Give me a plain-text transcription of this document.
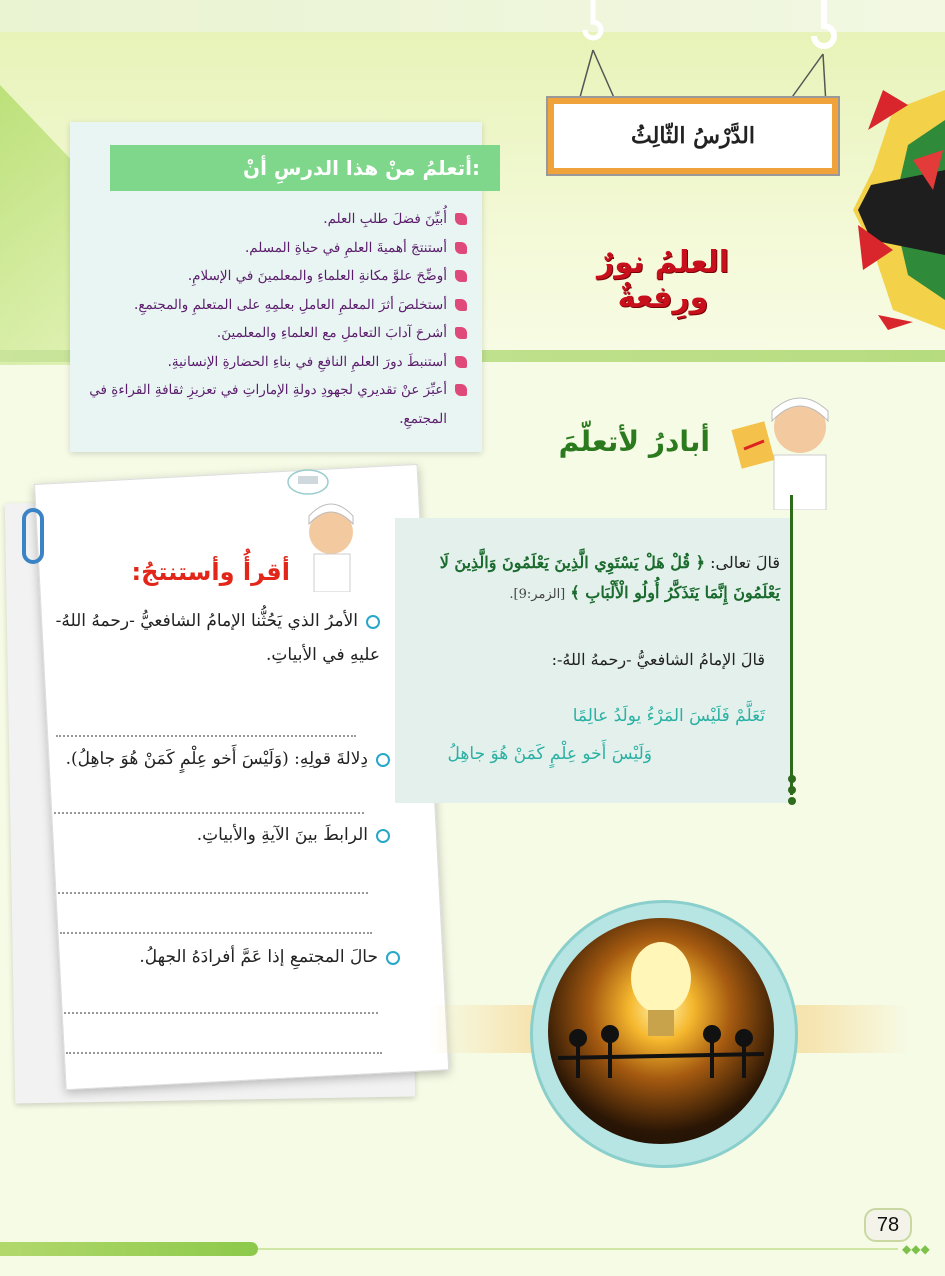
الدَّرْسُ الثّالِثُ
العلمُ نورٌ ورِفعةٌ
أتعلمُ منْ هذا الدرسِ أنْ:
أُبيِّنَ فضلَ طلبِ العلم.
أستنتجَ أهميةَ العلمِ في حياةِ المسلم.
أوضِّحَ علوَّ مكانةِ العلماءِ والمعلمينَ في الإسلامِ.
أستخلصَ أثرَ المعلمِ العاملِ بعلمِهِ على المتعلمِ والمجتمعِ.
أشرحَ آدابَ التعاملِ مع العلماءِ والمعلمينَ.
أستنبطَ دورَ العلمِ النافعِ في بناءِ الحضارةِ الإنسانيةِ.
أعبِّرَ عنْ تقديري لجهودِ دولةِ الإماراتِ في تعزيزِ ثقافةِ القراءةِ في المجتمعِ.
أقرأُ وأستنتجُ:
الأمرُ الذي يَحُثُّنا الإمامُ الشافعيُّ -رحمهُ اللهُ- عليهِ في الأبياتِ.
دِلالةَ قولِهِ: (وَلَيْسَ أَخو عِلْمٍ كَمَنْ هُوَ جاهِلُ).
الرابطَ بينَ الآيةِ والأبياتِ.
حالَ المجتمعِ إذا عَمَّ أفرادَهُ الجهلُ.
أبادرُ لأتعلّمَ
قالَ تعالى: ﴿ قُلْ هَلْ يَسْتَوِي الَّذِينَ يَعْلَمُونَ وَالَّذِينَ لَا
يَعْلَمُونَ إِنَّمَا يَتَذَكَّرُ أُولُو الْأَلْبَابِ ﴾ [الزمر:9].
قالَ الإمامُ الشافعيُّ -رحمهُ اللهُ-:
تَعَلَّمْ فَلَيْسَ المَرْءُ يولَدُ عالِمًا
وَلَيْسَ أَخو عِلْمٍ كَمَنْ هُوَ جاهِلُ
78
◆◆◆
